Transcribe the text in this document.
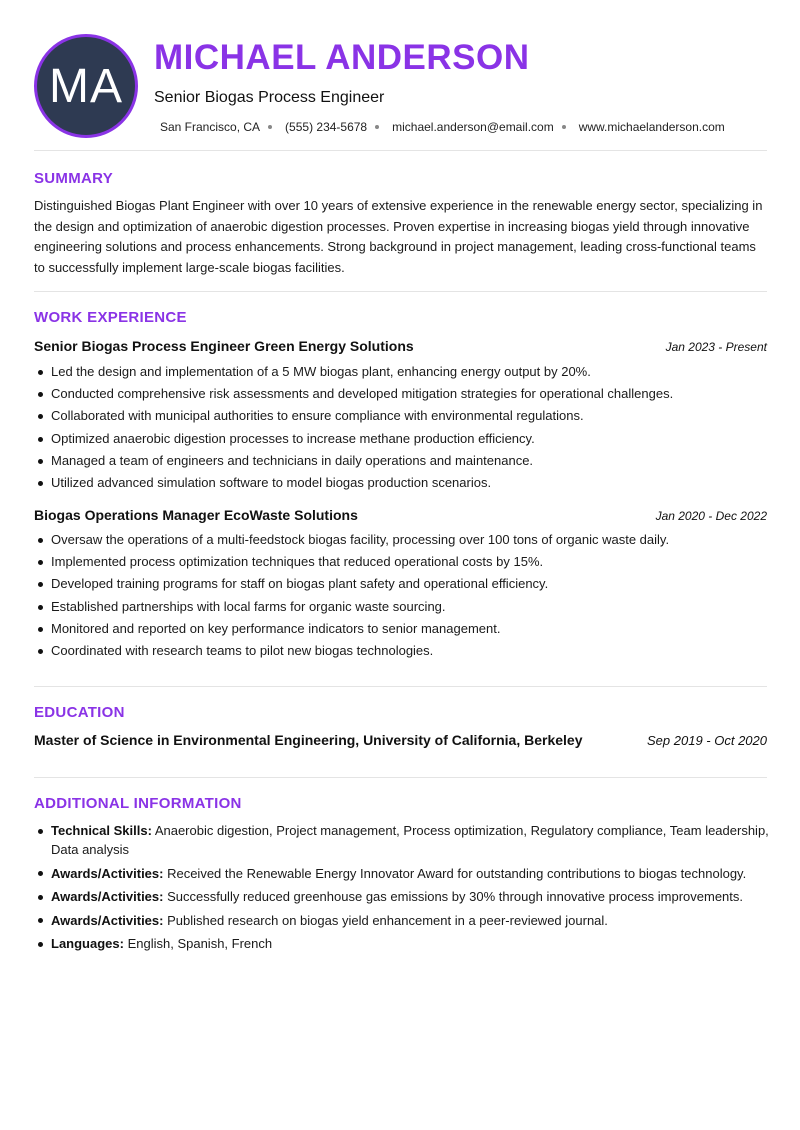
MA
MICHAEL ANDERSON
Senior Biogas Process Engineer
San Francisco, CA (555) 234-5678 michael.anderson@email.com www.michaelanderson.com
SUMMARY
Distinguished Biogas Plant Engineer with over 10 years of extensive experience in the renewable energy sector, specializing in the design and optimization of anaerobic digestion processes. Proven expertise in increasing biogas yield through innovative engineering solutions and process enhancements. Strong background in project management, leading cross-functional teams to successfully implement large-scale biogas facilities.
WORK EXPERIENCE
Senior Biogas Process Engineer Green Energy Solutions	Jan 2023 - Present
Led the design and implementation of a 5 MW biogas plant, enhancing energy output by 20%.
Conducted comprehensive risk assessments and developed mitigation strategies for operational challenges.
Collaborated with municipal authorities to ensure compliance with environmental regulations.
Optimized anaerobic digestion processes to increase methane production efficiency.
Managed a team of engineers and technicians in daily operations and maintenance.
Utilized advanced simulation software to model biogas production scenarios.
Biogas Operations Manager EcoWaste Solutions	Jan 2020 - Dec 2022
Oversaw the operations of a multi-feedstock biogas facility, processing over 100 tons of organic waste daily.
Implemented process optimization techniques that reduced operational costs by 15%.
Developed training programs for staff on biogas plant safety and operational efficiency.
Established partnerships with local farms for organic waste sourcing.
Monitored and reported on key performance indicators to senior management.
Coordinated with research teams to pilot new biogas technologies.
EDUCATION
Master of Science in Environmental Engineering, University of California, Berkeley	Sep 2019 - Oct 2020
ADDITIONAL INFORMATION
Technical Skills: Anaerobic digestion, Project management, Process optimization, Regulatory compliance, Team leadership, Data analysis
Awards/Activities: Received the Renewable Energy Innovator Award for outstanding contributions to biogas technology.
Awards/Activities: Successfully reduced greenhouse gas emissions by 30% through innovative process improvements.
Awards/Activities: Published research on biogas yield enhancement in a peer-reviewed journal.
Languages: English, Spanish, French
